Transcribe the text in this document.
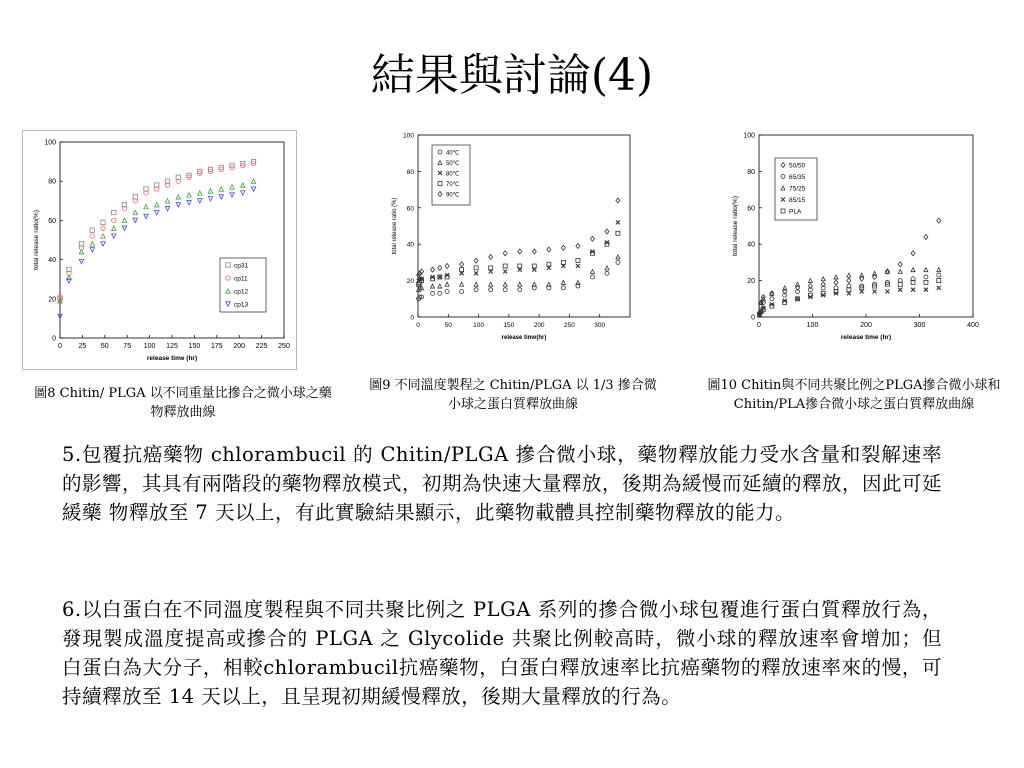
結果與討論(4)
0 25 50 75 100 125 150 175 200 225 250
0
20
40
60
80
100
release time (hr)
total release ratio(%)	cp31
cp11
cp12
cp13
圖8 Chitin/ PLGA 以不同重量比摻合之微小球之藥物釋放曲線
0	50	100	150	200	250	300
0
20
40
60
80
100
release time(hr)
total release ratio (%)
40℃
50℃
80℃
70℃
90℃
圖9 不同溫度製程之 Chitin/PLGA 以 1/3 摻合微小球之蛋白質釋放曲線
0	100	200	300	400
0
20
40
60
80
100
release time (hr)
total release ratio(%)
50/50
65/35
75/25
85/15
PLA
圖10 Chitin與不同共聚比例之PLGA摻合微小球和Chitin/PLA摻合微小球之蛋白質釋放曲線
5.包覆抗癌藥物 chlorambucil 的 Chitin/PLGA 摻合微小球，藥物釋放能力受水含量和裂解速率的影響，其具有兩階段的藥物釋放模式，初期為快速大量釋放，後期為緩慢而延續的釋放，因此可延緩藥 物釋放至 7 天以上，有此實驗結果顯示，此藥物載體具控制藥物釋放的能力。
6.以白蛋白在不同溫度製程與不同共聚比例之 PLGA 系列的摻合微小球包覆進行蛋白質釋放行為，發現製成溫度提高或摻合的 PLGA 之 Glycolide 共聚比例較高時，微小球的釋放速率會增加；但白蛋白為大分子，相較chlorambucil抗癌藥物，白蛋白釋放速率比抗癌藥物的釋放速率來的慢，可持續釋放至 14 天以上，且呈現初期緩慢釋放，後期大量釋放的行為。
